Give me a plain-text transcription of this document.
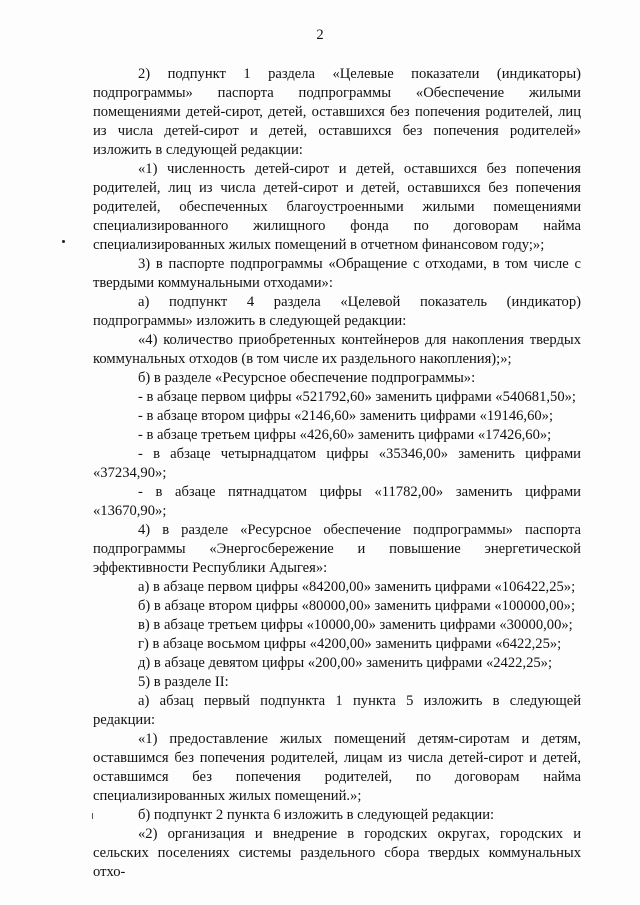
2

2) подпункт 1 раздела «Целевые показатели (индикаторы) подпрограммы» паспорта подпрограммы «Обеспечение жилыми помещениями детей-сирот, детей, оставшихся без попечения родителей, лиц из числа детей-сирот и детей, оставшихся без попечения родителей» изложить в следующей редакции:

«1) численность детей-сирот и детей, оставшихся без попечения родителей, лиц из числа детей-сирот и детей, оставшихся без попечения родителей, обеспеченных благоустроенными жилыми помещениями специализированного жилищного фонда по договорам найма специализированных жилых помещений в отчетном финансовом году;»;

3) в паспорте подпрограммы «Обращение с отходами, в том числе с твердыми коммунальными отходами»:

а) подпункт 4 раздела «Целевой показатель (индикатор) подпрограммы» изложить в следующей редакции:

«4) количество приобретенных контейнеров для накопления твердых коммунальных отходов (в том числе их раздельного накопления);»;

б) в разделе «Ресурсное обеспечение подпрограммы»:

- в абзаце первом цифры «521792,60» заменить цифрами «540681,50»;

- в абзаце втором цифры «2146,60» заменить цифрами «19146,60»;

- в абзаце третьем цифры «426,60» заменить цифрами «17426,60»;

- в абзаце четырнадцатом цифры «35346,00» заменить цифрами «37234,90»;

- в абзаце пятнадцатом цифры «11782,00» заменить цифрами «13670,90»;

4) в разделе «Ресурсное обеспечение подпрограммы» паспорта подпрограммы «Энергосбережение и повышение энергетической эффективности Республики Адыгея»:

а) в абзаце первом цифры «84200,00» заменить цифрами «106422,25»;

б) в абзаце втором цифры «80000,00» заменить цифрами «100000,00»;

в) в абзаце третьем цифры «10000,00» заменить цифрами «30000,00»;

г) в абзаце восьмом цифры «4200,00» заменить цифрами «6422,25»;

д) в абзаце девятом цифры «200,00» заменить цифрами «2422,25»;

5) в разделе II:

а) абзац первый подпункта 1 пункта 5 изложить в следующей редакции:

«1) предоставление жилых помещений детям-сиротам и детям, оставшимся без попечения родителей, лицам из числа детей-сирот и детей, оставшимся без попечения родителей, по договорам найма специализированных жилых помещений.»;

б) подпункт 2 пункта 6 изложить в следующей редакции:

«2) организация и внедрение в городских округах, городских и сельских поселениях системы раздельного сбора твердых коммунальных отхо-
